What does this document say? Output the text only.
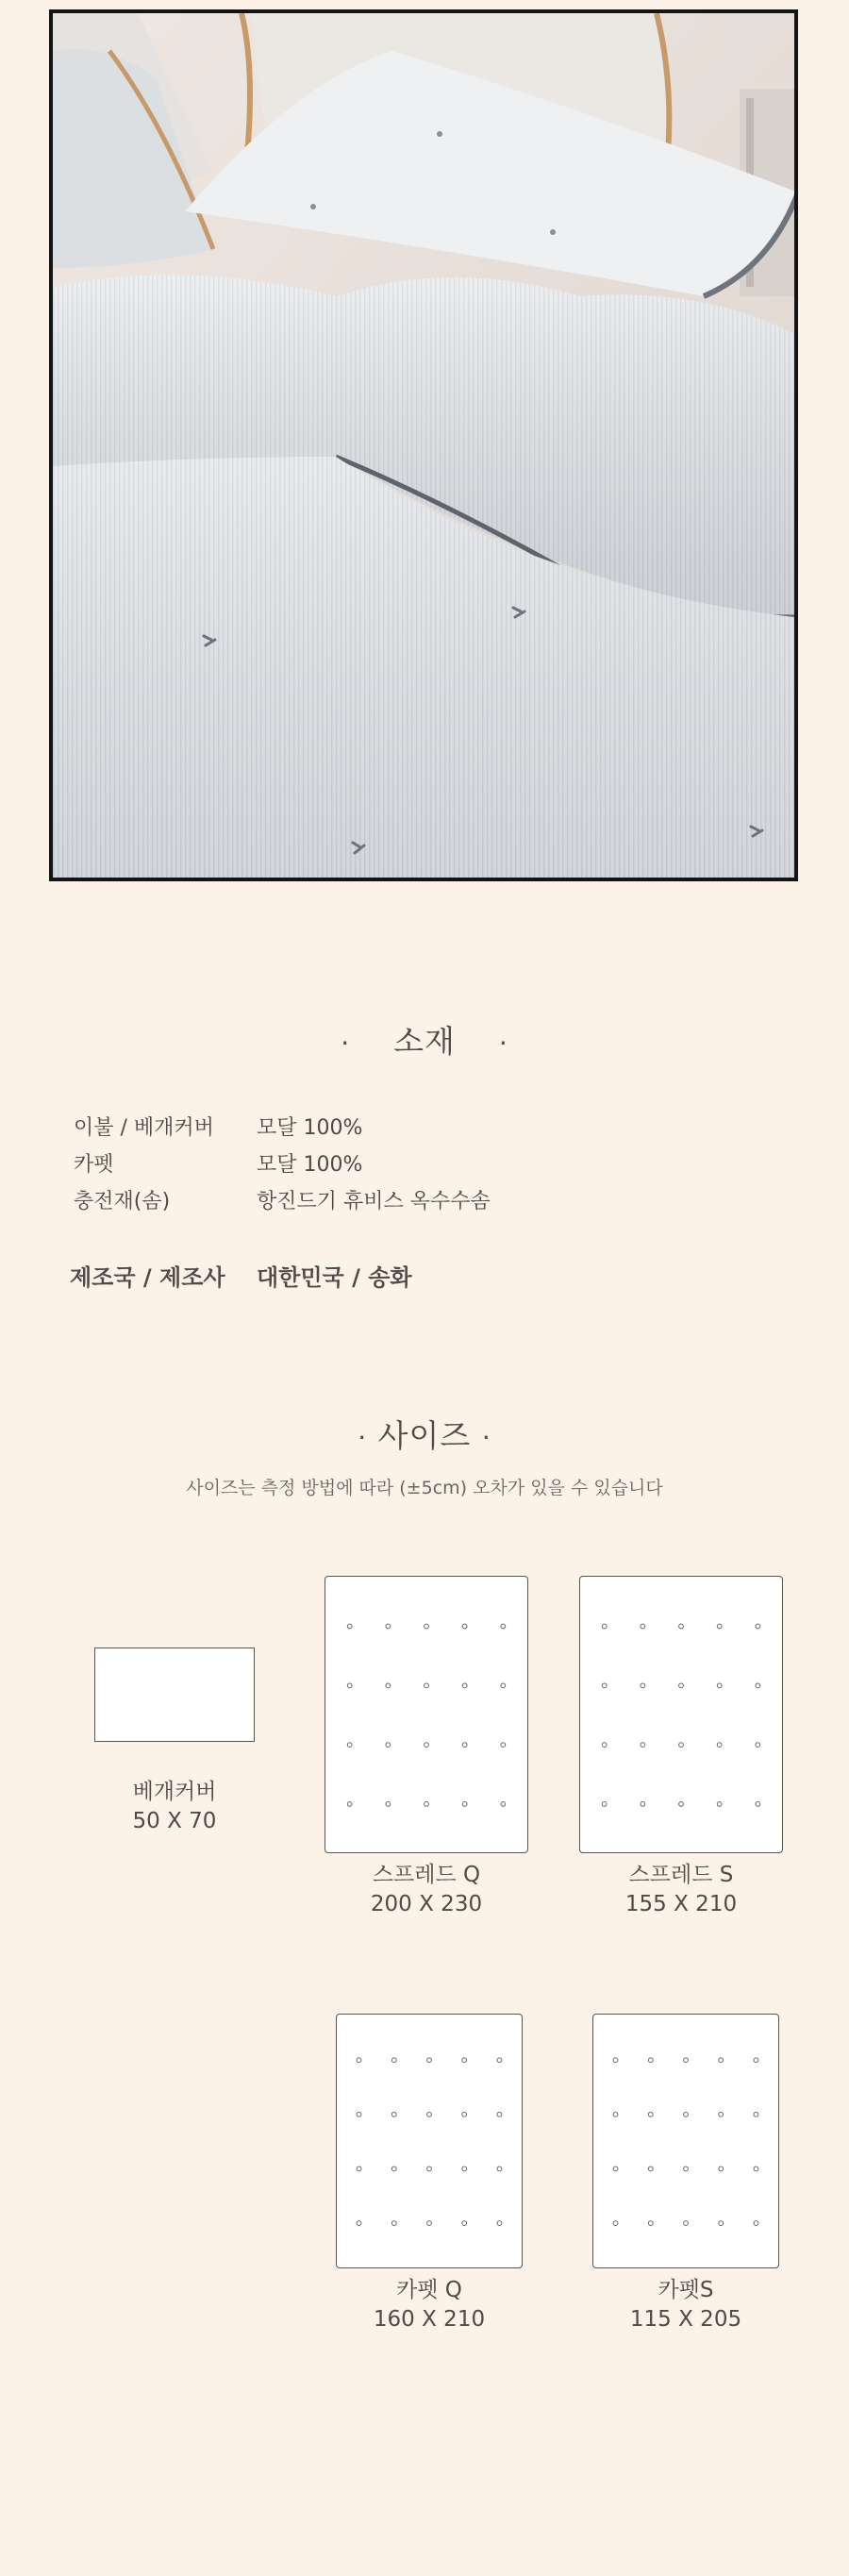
· 소재 ·
이불 / 베개커버 모달 100%
카펫	모달 100%
충전재(솜)	항진드기 휴비스 옥수수솜
제조국 / 제조사 대한민국 / 송화
· 사이즈 ·
사이즈는 측정 방법에 따라 (±5cm) 오차가 있을 수 있습니다
베개커버
50 X 70
스프레드 Q
200 X 230
스프레드 S
155 X 210
카펫 Q
160 X 210
카펫S
115 X 205
